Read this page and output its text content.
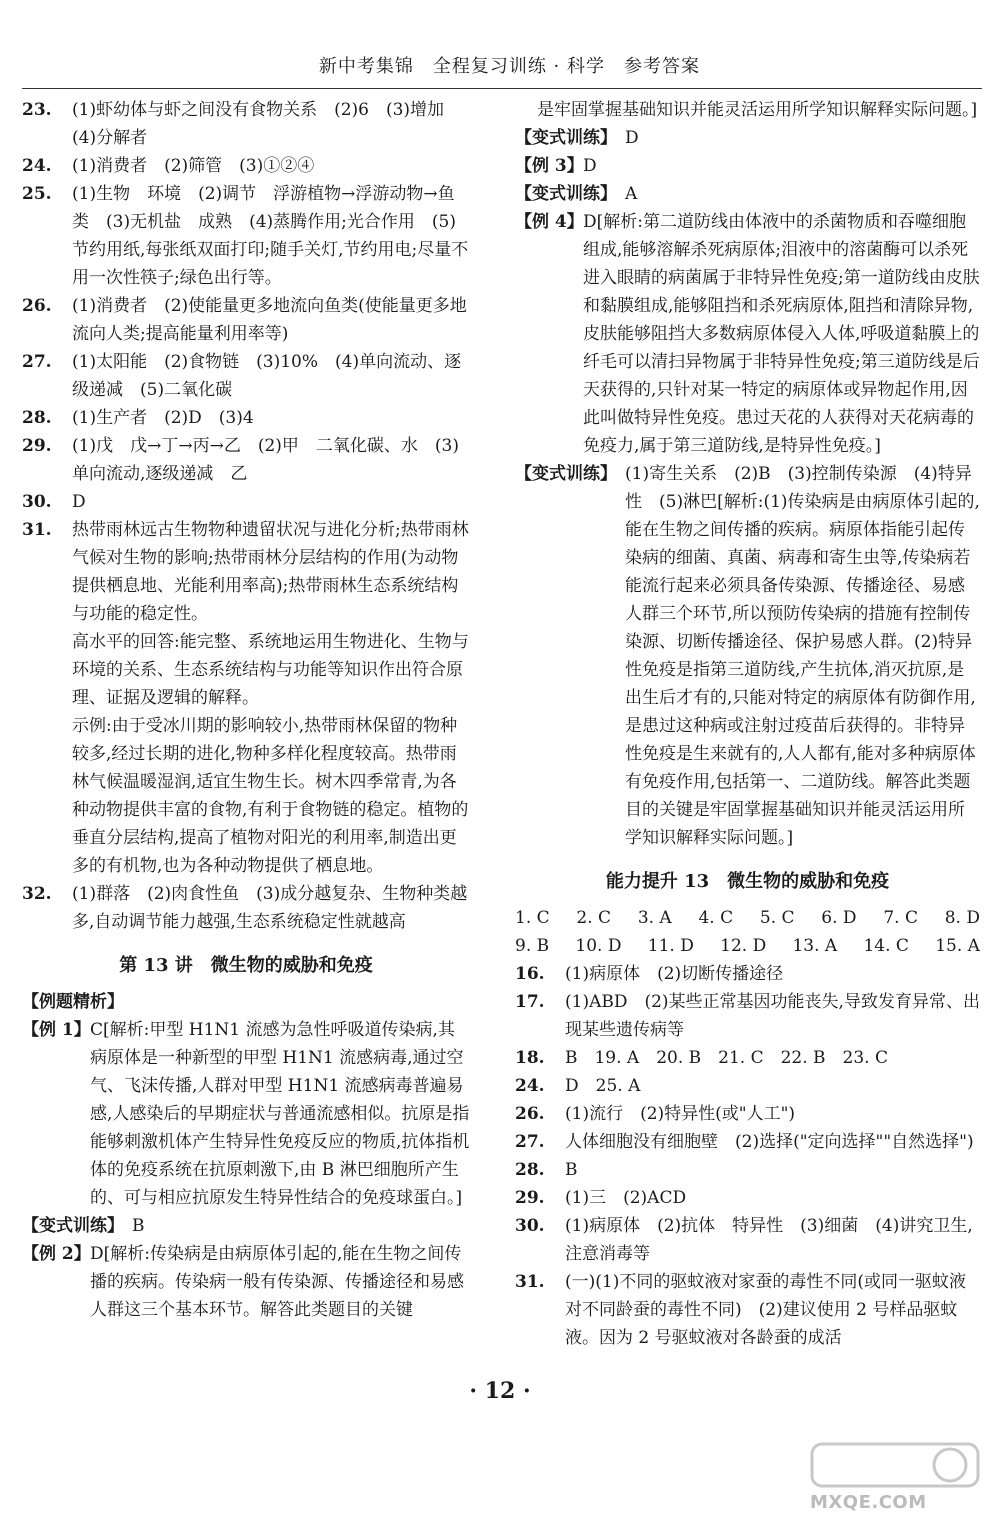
新中考集锦　全程复习训练 · 科学　参考答案
23. (1)虾幼体与虾之间没有食物关系　(2)6　(3)增加　(4)分解者
24. (1)消费者　(2)筛管　(3)①②④
25. (1)生物　环境　(2)调节　浮游植物→浮游动物→鱼类　(3)无机盐　成熟　(4)蒸腾作用;光合作用　(5)节约用纸,每张纸双面打印;随手关灯,节约用电;尽量不用一次性筷子;绿色出行等。
26. (1)消费者　(2)使能量更多地流向鱼类(使能量更多地流向人类;提高能量利用率等)
27. (1)太阳能　(2)食物链　(3)10%　(4)单向流动、逐级递减　(5)二氧化碳
28. (1)生产者　(2)D　(3)4
29. (1)戊　戊→丁→丙→乙　(2)甲　二氧化碳、水　(3)单向流动,逐级递减　乙
30. D
31. 热带雨林远古生物物种遗留状况与进化分析;热带雨林气候对生物的影响;热带雨林分层结构的作用(为动物提供栖息地、光能利用率高);热带雨林生态系统结构与功能的稳定性。
高水平的回答:能完整、系统地运用生物进化、生物与环境的关系、生态系统结构与功能等知识作出符合原理、证据及逻辑的解释。
示例:由于受冰川期的影响较小,热带雨林保留的物种较多,经过长期的进化,物种多样化程度较高。热带雨林气候温暖湿润,适宜生物生长。树木四季常青,为各种动物提供丰富的食物,有利于食物链的稳定。植物的垂直分层结构,提高了植物对阳光的利用率,制造出更多的有机物,也为各种动物提供了栖息地。
32. (1)群落　(2)肉食性鱼　(3)成分越复杂、生物种类越多,自动调节能力越强,生态系统稳定性就越高
第 13 讲　微生物的威胁和免疫
【例题精析】
【例 1】 C[解析:甲型 H1N1 流感为急性呼吸道传染病,其病原体是一种新型的甲型 H1N1 流感病毒,通过空气、飞沫传播,人群对甲型 H1N1 流感病毒普遍易感,人感染后的早期症状与普通流感相似。抗原是指能够刺激机体产生特异性免疫反应的物质,抗体指机体的免疫系统在抗原刺激下,由 B 淋巴细胞所产生的、可与相应抗原发生特异性结合的免疫球蛋白。]
【变式训练】 B
【例 2】 D[解析:传染病是由病原体引起的,能在生物之间传播的疾病。传染病一般有传染源、传播途径和易感人群这三个基本环节。解答此类题目的关键
是牢固掌握基础知识并能灵活运用所学知识解释实际问题。]
【变式训练】 D
【例 3】 D
【变式训练】 A
【例 4】 D[解析:第二道防线由体液中的杀菌物质和吞噬细胞组成,能够溶解杀死病原体;泪液中的溶菌酶可以杀死进入眼睛的病菌属于非特异性免疫;第一道防线由皮肤和黏膜组成,能够阻挡和杀死病原体,阻挡和清除异物,皮肤能够阻挡大多数病原体侵入人体,呼吸道黏膜上的纤毛可以清扫异物属于非特异性免疫;第三道防线是后天获得的,只针对某一特定的病原体或异物起作用,因此叫做特异性免疫。患过天花的人获得对天花病毒的免疫力,属于第三道防线,是特异性免疫。]
【变式训练】 (1)寄生关系　(2)B　(3)控制传染源　(4)特异性　(5)淋巴[解析:(1)传染病是由病原体引起的,能在生物之间传播的疾病。病原体指能引起传染病的细菌、真菌、病毒和寄生虫等,传染病若能流行起来必须具备传染源、传播途径、易感人群三个环节,所以预防传染病的措施有控制传染源、切断传播途径、保护易感人群。(2)特异性免疫是指第三道防线,产生抗体,消灭抗原,是出生后才有的,只能对特定的病原体有防御作用,是患过这种病或注射过疫苗后获得的。非特异性免疫是生来就有的,人人都有,能对多种病原体有免疫作用,包括第一、二道防线。解答此类题目的关键是牢固掌握基础知识并能灵活运用所学知识解释实际问题。]
能力提升 13　微生物的威胁和免疫
1. C 2. C 3. A 4. C 5. C 6. D 7. C 8. D
9. B 10. D 11. D 12. D 13. A 14. C 15. A
16. (1)病原体　(2)切断传播途径
17. (1)ABD　(2)某些正常基因功能丧失,导致发育异常、出现某些遗传病等
18. B　19. A　20. B　21. C　22. B　23. C
24. D　25. A
26. (1)流行　(2)特异性(或"人工")
27. 人体细胞没有细胞壁　(2)选择("定向选择""自然选择")
28. B
29. (1)三　(2)ACD
30. (1)病原体　(2)抗体　特异性　(3)细菌　(4)讲究卫生,注意消毒等
31. (一)(1)不同的驱蚊液对家蚕的毒性不同(或同一驱蚊液对不同龄蚕的毒性不同)　(2)建议使用 2 号样品驱蚊液。因为 2 号驱蚊液对各龄蚕的成活
· 12 ·
MXQE.COM
